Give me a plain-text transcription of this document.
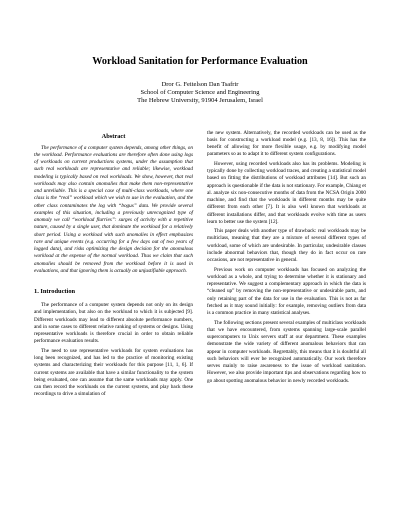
Workload Sanitation for Performance Evaluation
Dror G. Feitelson Dan Tsafrir
School of Computer Science and Engineering
The Hebrew University, 91904 Jerusalem, Israel
Abstract

The performance of a computer system depends, among other things, on the workload. Performance evaluations are therefore often done using logs of workloads on current productions systems, under the assumption that such real workloads are representative and reliable; likewise, workload modeling is typically based on real workloads. We show, however, that real workloads may also contain anomalies that make them non-representative and unreliable. This is a special case of multi-class workloads, where one class is the “real” workload which we wish to use in the evaluation, and the other class contaminates the log with “bogus” data. We provide several examples of this situation, including a previously unrecognized type of anomaly we call “workload flurries”: surges of activity with a repetitive nature, caused by a single user, that dominate the workload for a relatively short period. Using a workload with such anomalies in effect emphasizes rare and unique events (e.g. occurring for a few days out of two years of logged data), and risks optimizing the design decision for the anomalous workload at the expense of the normal workload. Thus we claim that such anomalies should be removed from the workload before it is used in evaluations, and that ignoring them is actually an unjustifiable approach.

1. Introduction

The performance of a computer system depends not only on its design and implementation, but also on the workload to which it is subjected [9]. Different workloads may lead to different absolute performance numbers, and in some cases to different relative ranking of systems or designs. Using representative workloads is therefore crucial in order to obtain reliable performance evaluation results.

The need to use representative workloads for system evaluations has long been recognized, and has led to the practice of monitoring existing systems and characterizing their workloads for this purpose [11, 1, 6]. If current systems are available that have a similar functionality to the system being evaluated, one can assume that the same workloads may apply. One can then record the workloads on the current systems, and play back these recordings to drive a simulation of

the new system. Alternatively, the recorded workloads can be used as the basis for constructing a workload model (e.g. [13, 8, 16]). This has the benefit of allowing for more flexible usage, e.g. by modifying model parameters so as to adapt it to different system configurations.

However, using recorded workloads also has its problems. Modeling is typically done by collecting workload traces, and creating a statistical model based on fitting the distributions of workload attributes [14]. But such an approach is questionable if the data is not stationary. For example, Chiang et al. analyze six non-consecutive months of data from the NCSA Origin 2000 machine, and find that the workloads in different months may be quite different from each other [7]. It is also well known that workloads at different installations differ, and that workloads evolve with time as users learn to better use the system [12].

This paper deals with another type of drawback: real workloads may be multiclass, meaning that they are a mixture of several different types of workload, some of which are undesirable. In particular, undesirable classes include abnormal behaviors that, though they do in fact occur on rare occasions, are not representative in general.

Previous work on computer workloads has focused on analyzing the workload as a whole, and trying to determine whether it is stationary and representative. We suggest a complementary approach in which the data is “cleaned up” by removing the non-representative or undesirable parts, and only retaining part of the data for use in the evaluation. This is not as far fetched as it may sound initially: for example, removing outliers from data is a common practice in many statistical analyses.

The following sections present several examples of multiclass workloads that we have encountered, from systems spanning large-scale parallel supercomputers to Unix servers staff at our department. These examples demonstrate the wide variety of different anomalous behaviors that can appear in computer workloads. Regrettably, this means that it is doubtful all such behaviors will ever be recognized automatically. Our work therefore serves mainly to raise awareness to the issue of workload sanitation. However, we also provide important tips and observations regarding how to go about spotting anomalous behavior in newly recorded workloads.
